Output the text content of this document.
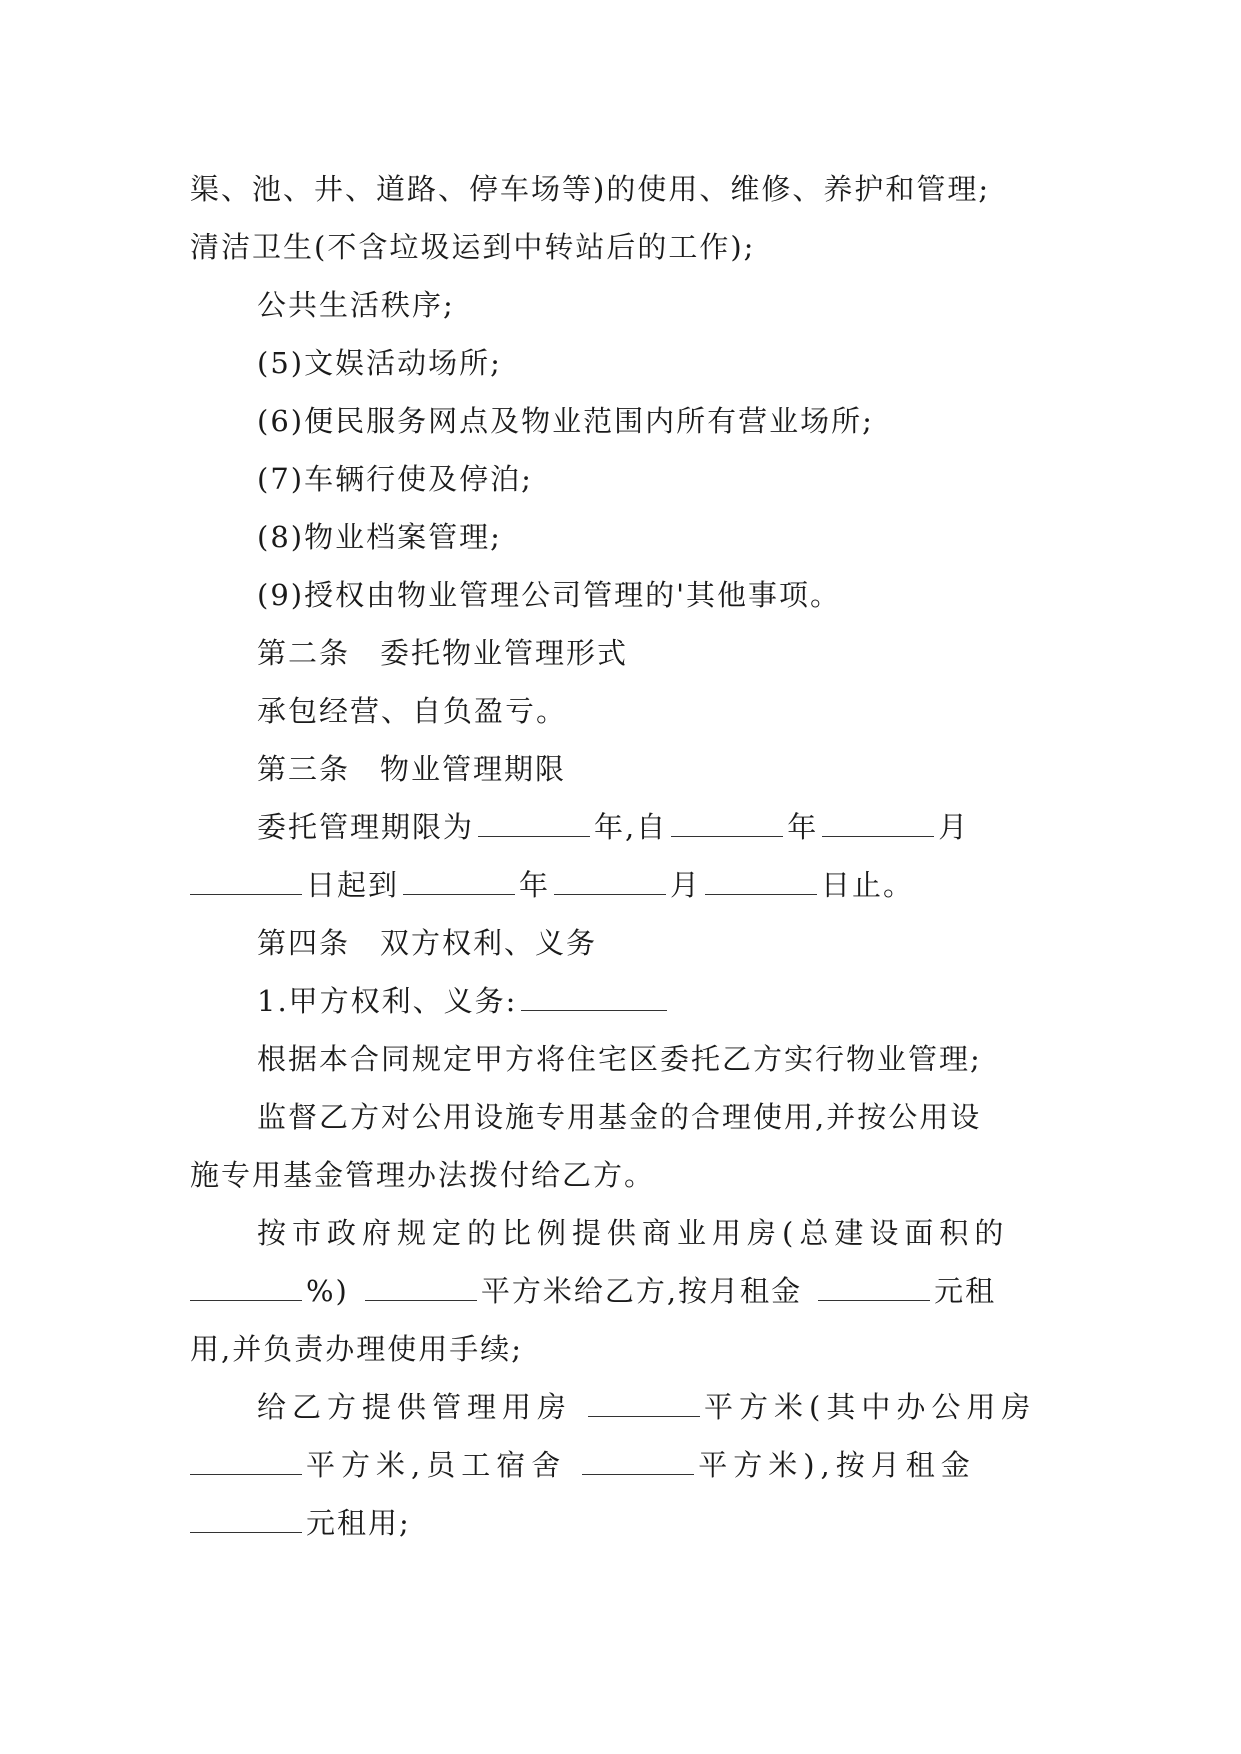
渠、池、井、道路、停车场等)的使用、维修、养护和管理;
清洁卫生(不含垃圾运到中转站后的工作);
公共生活秩序;
(5)文娱活动场所;
(6)便民服务网点及物业范围内所有营业场所;
(7)车辆行使及停泊;
(8)物业档案管理;
(9)授权由物业管理公司管理的'其他事项。
第二条 委托物业管理形式
承包经营、自负盈亏。
第三条 物业管理期限
委托管理期限为	年,自	年	月
日起到	年	月	日止。
第四条 双方权利、义务
1.甲方权利、义务:
根据本合同规定甲方将住宅区委托乙方实行物业管理;
监督乙方对公用设施专用基金的合理使用,并按公用设
施专用基金管理办法拨付给乙方。
按市政府规定的比例提供商业用房(总建设面积的
%)	平方米给乙方,按月租金	元租
用,并负责办理使用手续;
给乙方提供管理用房	平方米(其中办公用房
平方米,员工宿舍	平方米),按月租金
元租用;
